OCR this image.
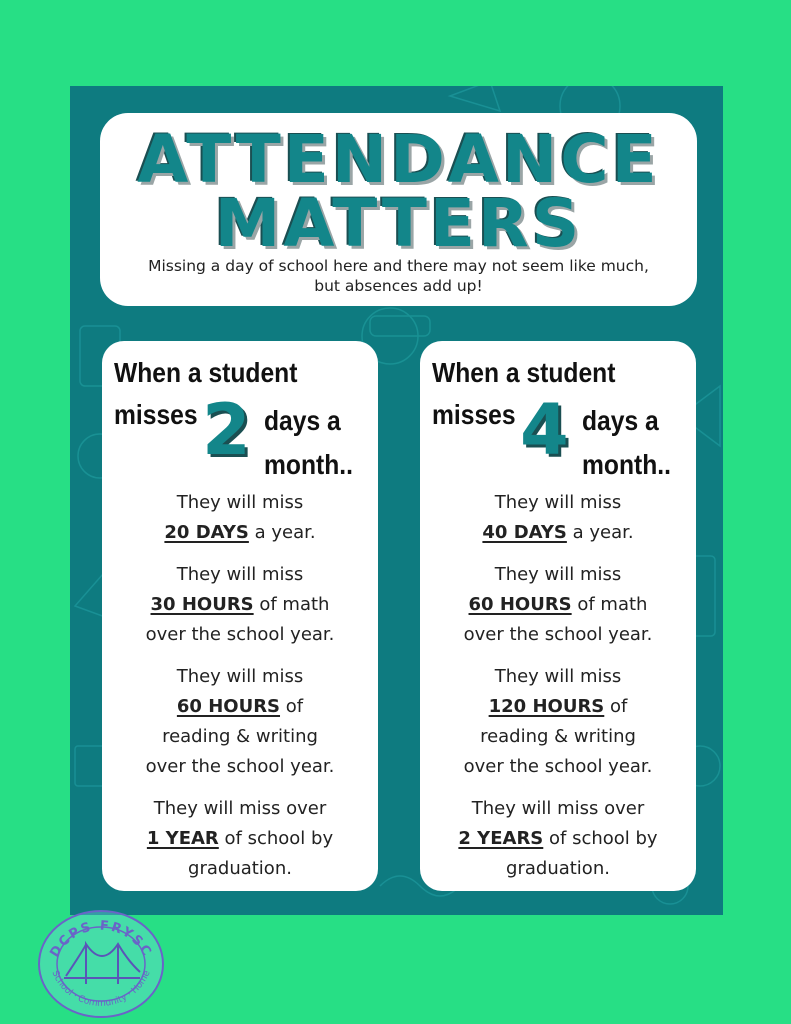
ATTENDANCE
MATTERS
Missing a day of school here and there may not seem like much,
but absences add up!
When a student
misses 2 days a
month..
They will miss
20 DAYS a year.
They will miss
30 HOURS of math
over the school year.
They will miss
60 HOURS of
reading & writing
over the school year.
They will miss over
1 YEAR of school by
graduation.
When a student
misses 4 days a
month..
They will miss
40 DAYS a year.
They will miss
60 HOURS of math
over the school year.
They will miss
120 HOURS of
reading & writing
over the school year.
They will miss over
2 YEARS of school by
graduation.
DCPS FRYSC
School · Community · Home
